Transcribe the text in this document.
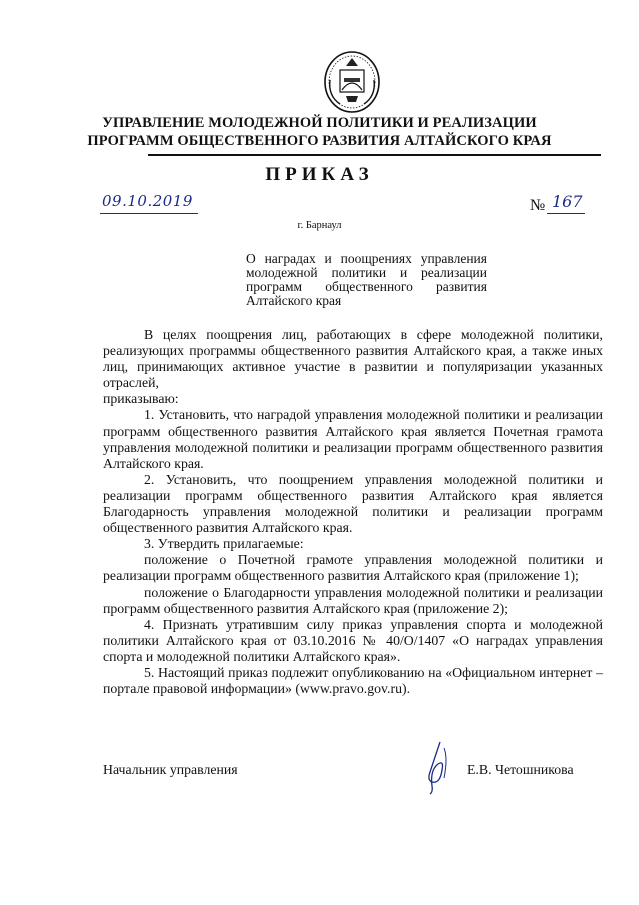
УПРАВЛЕНИЕ МОЛОДЕЖНОЙ ПОЛИТИКИ И РЕАЛИЗАЦИИ
ПРОГРАММ ОБЩЕСТВЕННОГО РАЗВИТИЯ АЛТАЙСКОГО КРАЯ
ПРИКАЗ
09.10.2019	№ 167
г. Барнаул
О наградах и поощрениях управления молодежной политики и реализации программ общественного развития Алтайского края

В целях поощрения лиц, работающих в сфере молодежной политики, реализующих программы общественного развития Алтайского края, а также иных лиц, принимающих активное участие в развитии и популяризации указанных отраслей,

приказываю:

1. Установить, что наградой управления молодежной политики и реализации программ общественного развития Алтайского края является Почетная грамота управления молодежной политики и реализации программ общественного развития Алтайского края.

2. Установить, что поощрением управления молодежной политики и реализации программ общественного развития Алтайского края является Благодарность управления молодежной политики и реализации программ общественного развития Алтайского края.

3. Утвердить прилагаемые:

положение о Почетной грамоте управления молодежной политики и реализации программ общественного развития Алтайского края (приложение 1);

положение о Благодарности управления молодежной политики и реализации программ общественного развития Алтайского края (приложение 2);

4. Признать утратившим силу приказ управления спорта и молодежной политики Алтайского края от 03.10.2016 № 40/О/1407 «О наградах управления спорта и молодежной политики Алтайского края».

5. Настоящий приказ подлежит опубликованию на «Официальном интернет – портале правовой информации» (www.pravo.gov.ru).

Начальник управления	Е.В. Четошникова
